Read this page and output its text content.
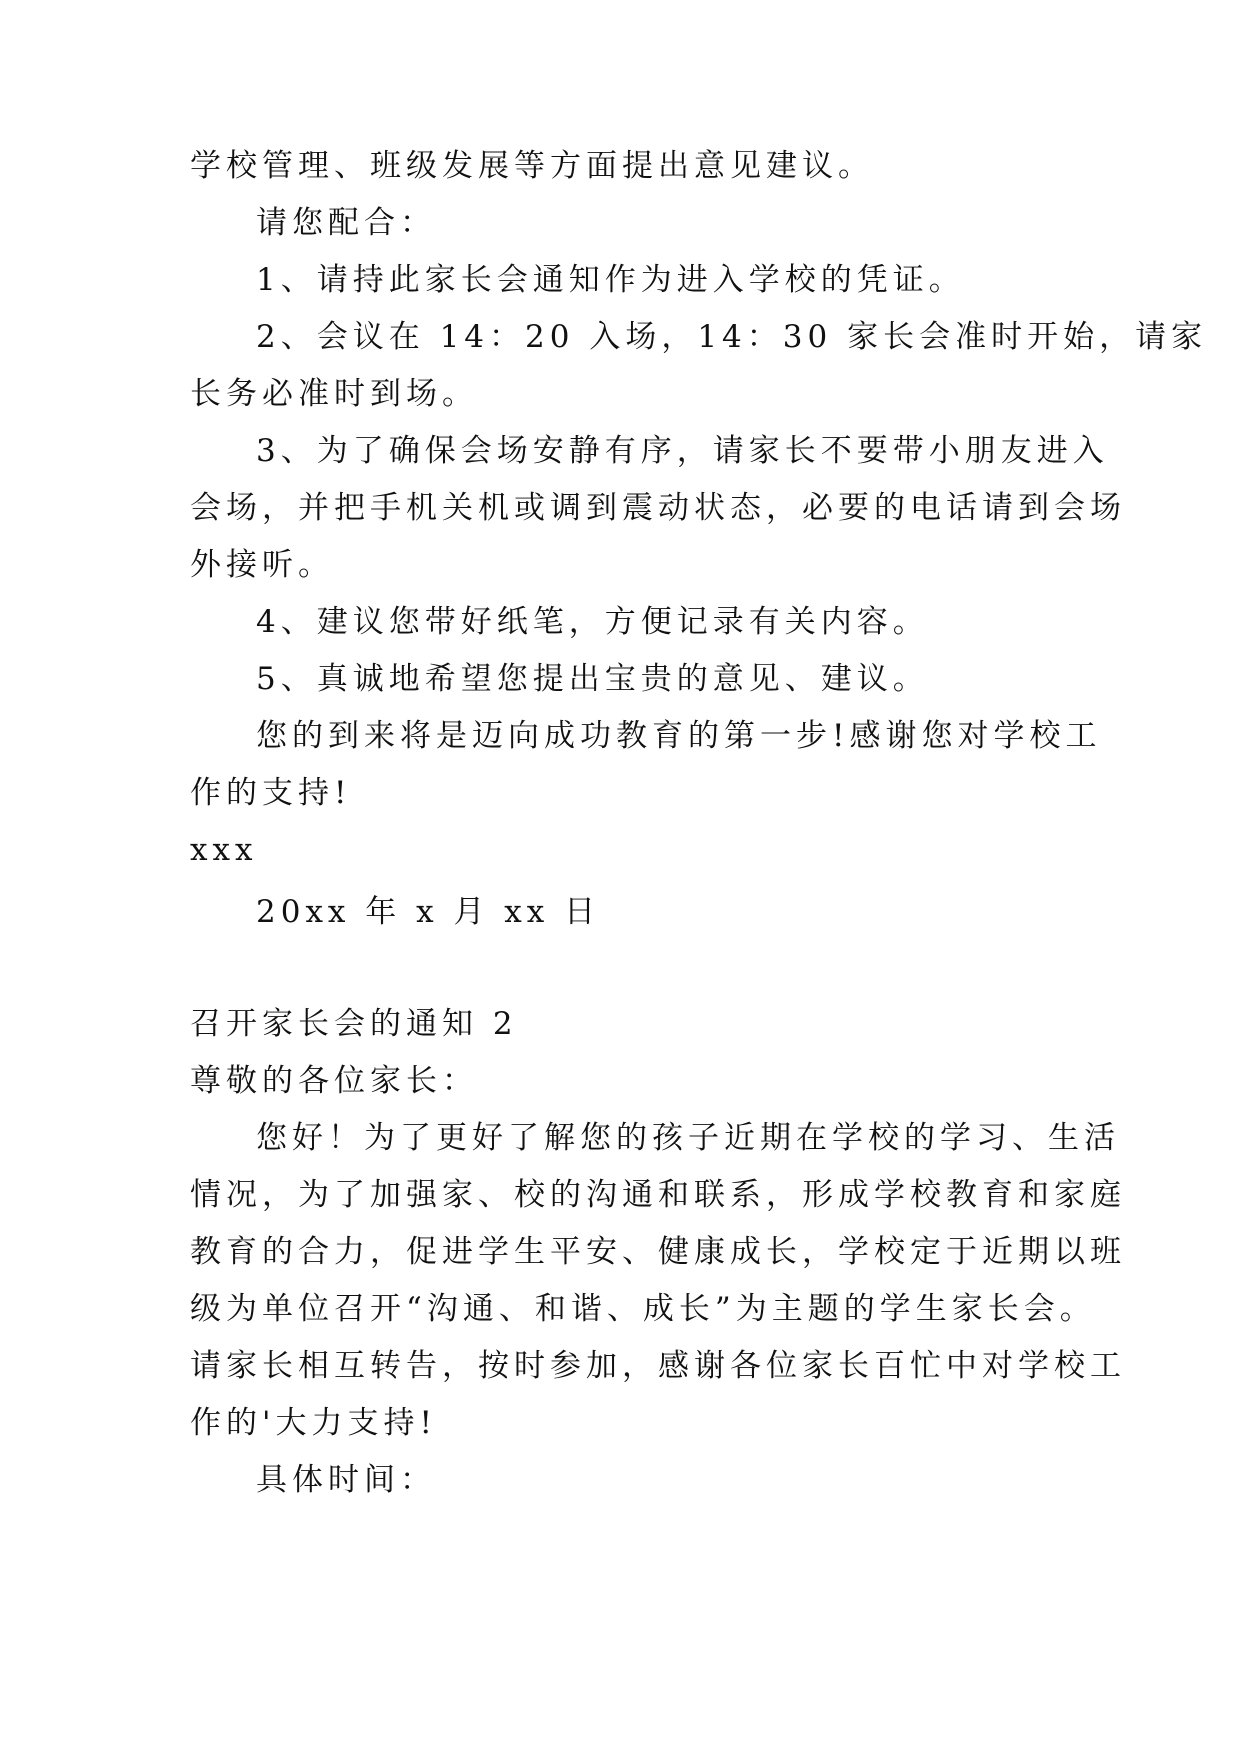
学校管理、班级发展等方面提出意见建议。
请您配合：
1、请持此家长会通知作为进入学校的凭证。
2、会议在 14：20 入场，14：30 家长会准时开始，请家
长务必准时到场。
3、为了确保会场安静有序，请家长不要带小朋友进入
会场，并把手机关机或调到震动状态，必要的电话请到会场
外接听。
4、建议您带好纸笔，方便记录有关内容。
5、真诚地希望您提出宝贵的意见、建议。
您的到来将是迈向成功教育的第一步!感谢您对学校工
作的支持!
xxx
20xx 年 x 月 xx 日
召开家长会的通知 2
尊敬的各位家长：
您好！为了更好了解您的孩子近期在学校的学习、生活
情况，为了加强家、校的沟通和联系，形成学校教育和家庭
教育的合力，促进学生平安、健康成长，学校定于近期以班
级为单位召开“沟通、和谐、成长”为主题的学生家长会。
请家长相互转告，按时参加，感谢各位家长百忙中对学校工
作的'大力支持!
具体时间：
